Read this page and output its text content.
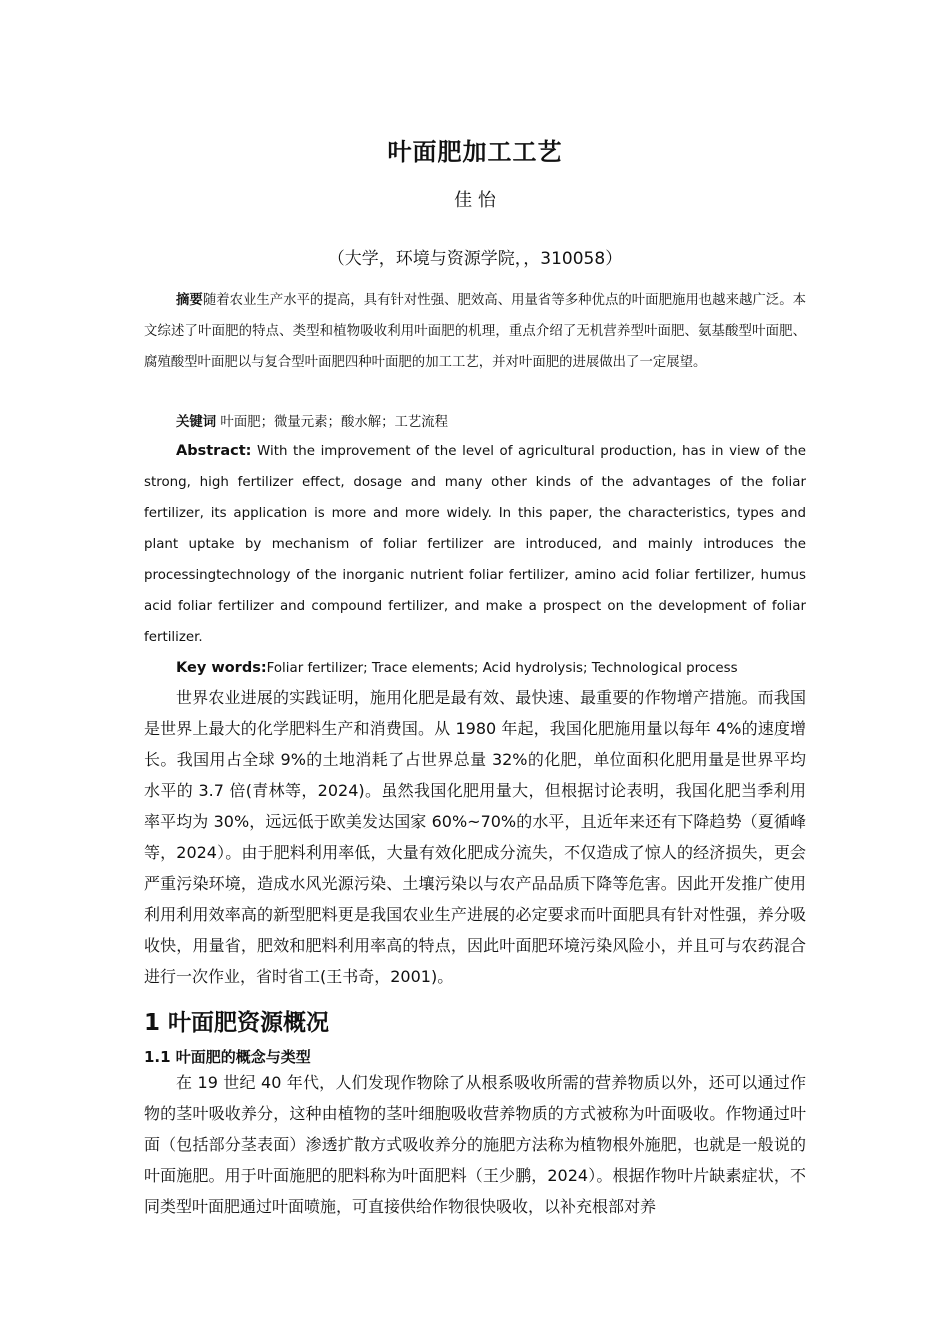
叶面肥加工工艺

佳 怡

（大学，环境与资源学院，，310058）

摘要随着农业生产水平的提高，具有针对性强、肥效高、用量省等多种优点的叶面肥施用也越来越广泛。本文综述了叶面肥的特点、类型和植物吸收利用叶面肥的机理，重点介绍了无机营养型叶面肥、氨基酸型叶面肥、腐殖酸型叶面肥以与复合型叶面肥四种叶面肥的加工工艺，并对叶面肥的进展做出了一定展望。

关键词 叶面肥；微量元素；酸水解；工艺流程

Abstract: With the improvement of the level of agricultural production, has in view of the strong, high fertilizer effect, dosage and many other kinds of the advantages of the foliar fertilizer, its application is more and more widely. In this paper, the characteristics, types and plant uptake by mechanism of foliar fertilizer are introduced, and mainly introduces the processingtechnology of the inorganic nutrient foliar fertilizer, amino acid foliar fertilizer, humus acid foliar fertilizer and compound fertilizer, and make a prospect on the development of foliar fertilizer.

Key words:Foliar fertilizer; Trace elements; Acid hydrolysis; Technological process

世界农业进展的实践证明，施用化肥是最有效、最快速、最重要的作物增产措施。而我国是世界上最大的化学肥料生产和消费国。从 1980 年起，我国化肥施用量以每年 4%的速度增长。我国用占全球 9%的土地消耗了占世界总量 32%的化肥，单位面积化肥用量是世界平均水平的 3.7 倍(青林等，2024)。虽然我国化肥用量大，但根据讨论表明，我国化肥当季利用率平均为 30%，远远低于欧美发达国家 60%~70%的水平，且近年来还有下降趋势（夏循峰等，2024）。由于肥料利用率低，大量有效化肥成分流失，不仅造成了惊人的经济损失，更会严重污染环境，造成水风光源污染、土壤污染以与农产品品质下降等危害。因此开发推广使用利用利用效率高的新型肥料更是我国农业生产进展的必定要求而叶面肥具有针对性强，养分吸收快，用量省，肥效和肥料利用率高的特点，因此叶面肥环境污染风险小，并且可与农药混合进行一次作业，省时省工(王书奇，2001)。

1 叶面肥资源概况
1.1 叶面肥的概念与类型

在 19 世纪 40 年代，人们发现作物除了从根系吸收所需的营养物质以外，还可以通过作物的茎叶吸收养分，这种由植物的茎叶细胞吸收营养物质的方式被称为叶面吸收。作物通过叶面（包括部分茎表面）渗透扩散方式吸收养分的施肥方法称为植物根外施肥，也就是一般说的叶面施肥。用于叶面施肥的肥料称为叶面肥料（王少鹏，2024）。根据作物叶片缺素症状，不同类型叶面肥通过叶面喷施，可直接供给作物很快吸收，以补充根部对养
